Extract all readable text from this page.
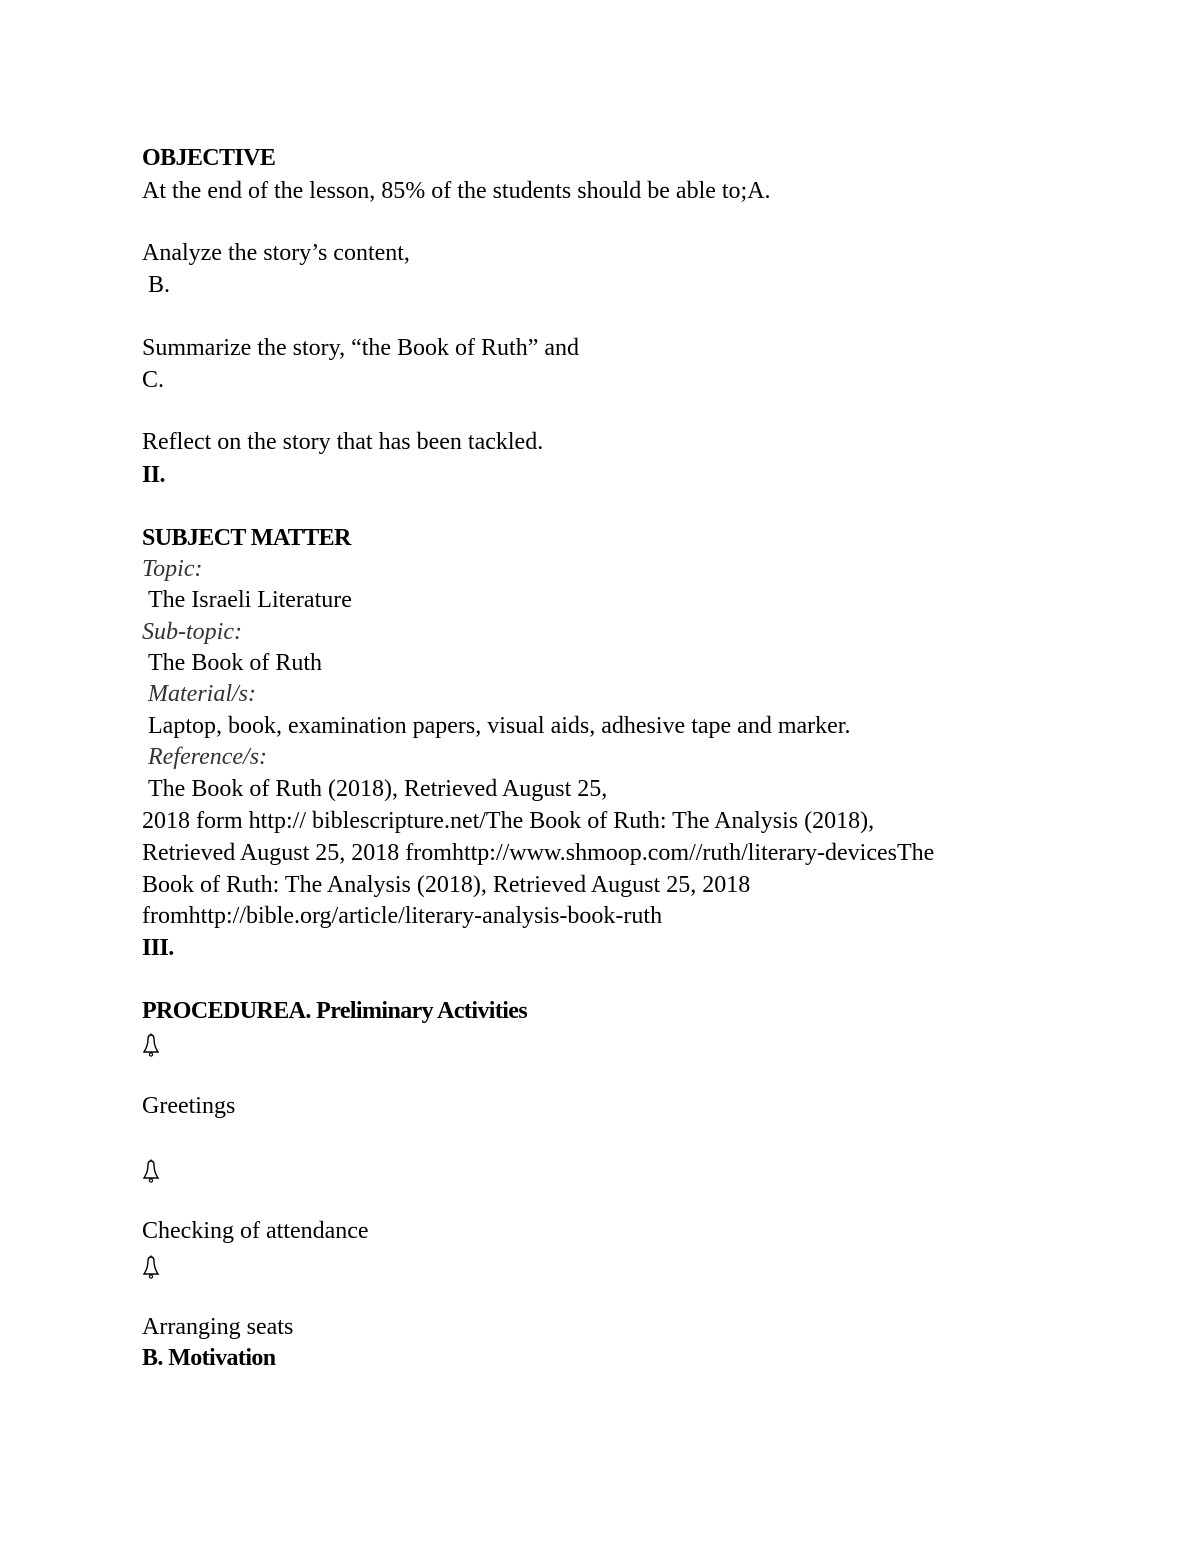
OBJECTIVE
At the end of the lesson, 85% of the students should be able to;A.
Analyze the story’s content,
B.
Summarize the story, “the Book of Ruth” and
C.
Reflect on the story that has been tackled.
II.
SUBJECT MATTER
Topic:
The Israeli Literature
Sub-topic:
The Book of Ruth
Material/s:
Laptop, book, examination papers, visual aids, adhesive tape and marker.
Reference/s:
The Book of Ruth (2018), Retrieved August 25,
2018 form http:// biblescripture.net/The Book of Ruth: The Analysis (2018),
Retrieved August 25, 2018 fromhttp://www.shmoop.com//ruth/literary-devicesThe
Book of Ruth: The Analysis (2018), Retrieved August 25, 2018
fromhttp://bible.org/article/literary-analysis-book-ruth
III.
PROCEDUREA. Preliminary Activities
Greetings
Checking of attendance
Arranging seats
B. Motivation
